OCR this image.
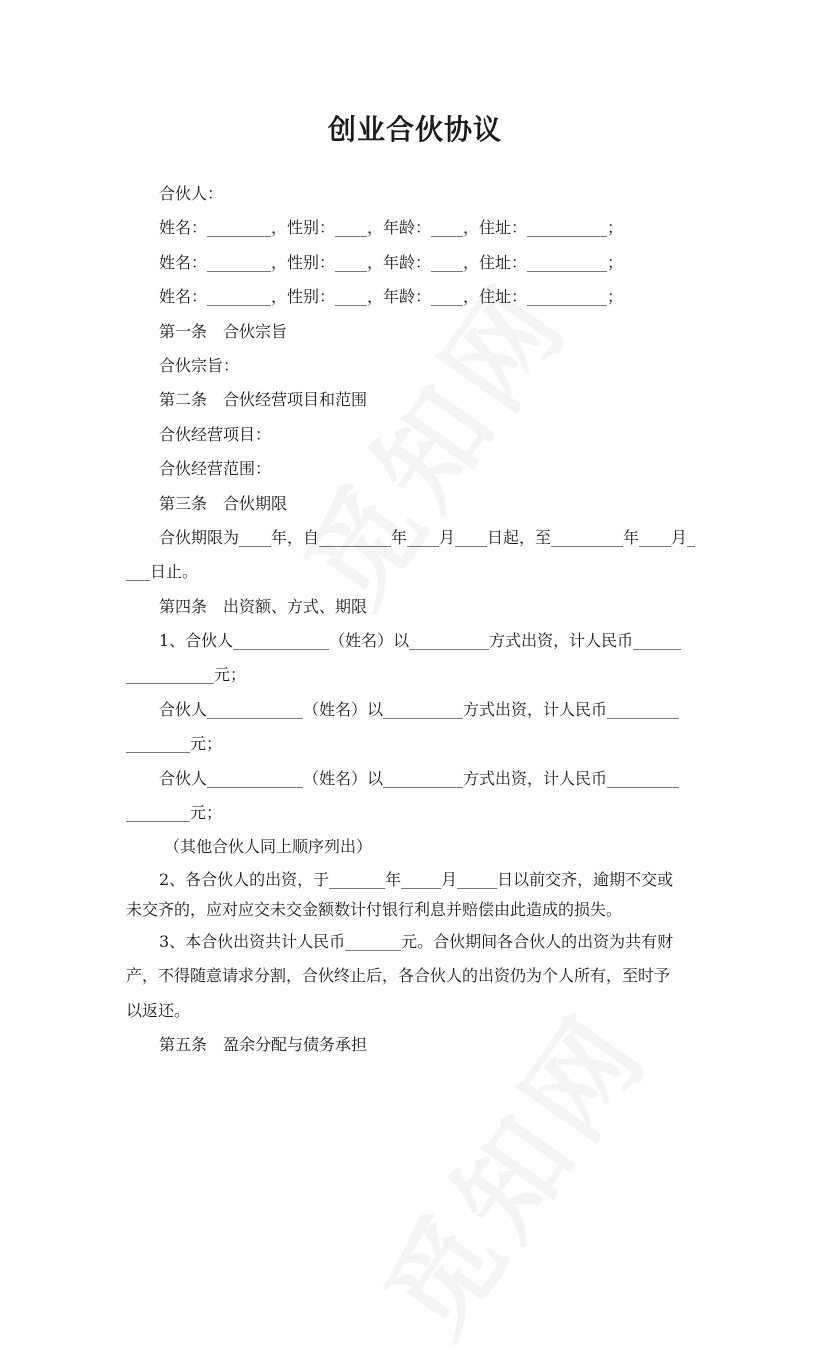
创业合伙协议

合伙人：

姓名：________，性别：____，年龄：____，住址：__________；

姓名：________，性别：____，年龄：____，住址：__________；

姓名：________，性别：____，年龄：____，住址：__________；

第一条　合伙宗旨

合伙宗旨：

第二条　合伙经营项目和范围

合伙经营项目：

合伙经营范围：

第三条　合伙期限

合伙期限为____年，自_________年____月____日起，至_________年____月_

___日止。

第四条　出资额、方式、期限

1、合伙人____________（姓名）以__________方式出资，计人民币______

___________元；

合伙人____________（姓名）以__________方式出资，计人民币_________

________元；

合伙人____________（姓名）以__________方式出资，计人民币_________

________元；

（其他合伙人同上顺序列出）

2、各合伙人的出资，于_______年_____月_____日以前交齐，逾期不交或

未交齐的，应对应交未交金额数计付银行利息并赔偿由此造成的损失。

3、本合伙出资共计人民币_______元。合伙期间各合伙人的出资为共有财

产，不得随意请求分割，合伙终止后，各合伙人的出资仍为个人所有，至时予

以返还。

第五条　盈余分配与债务承担
